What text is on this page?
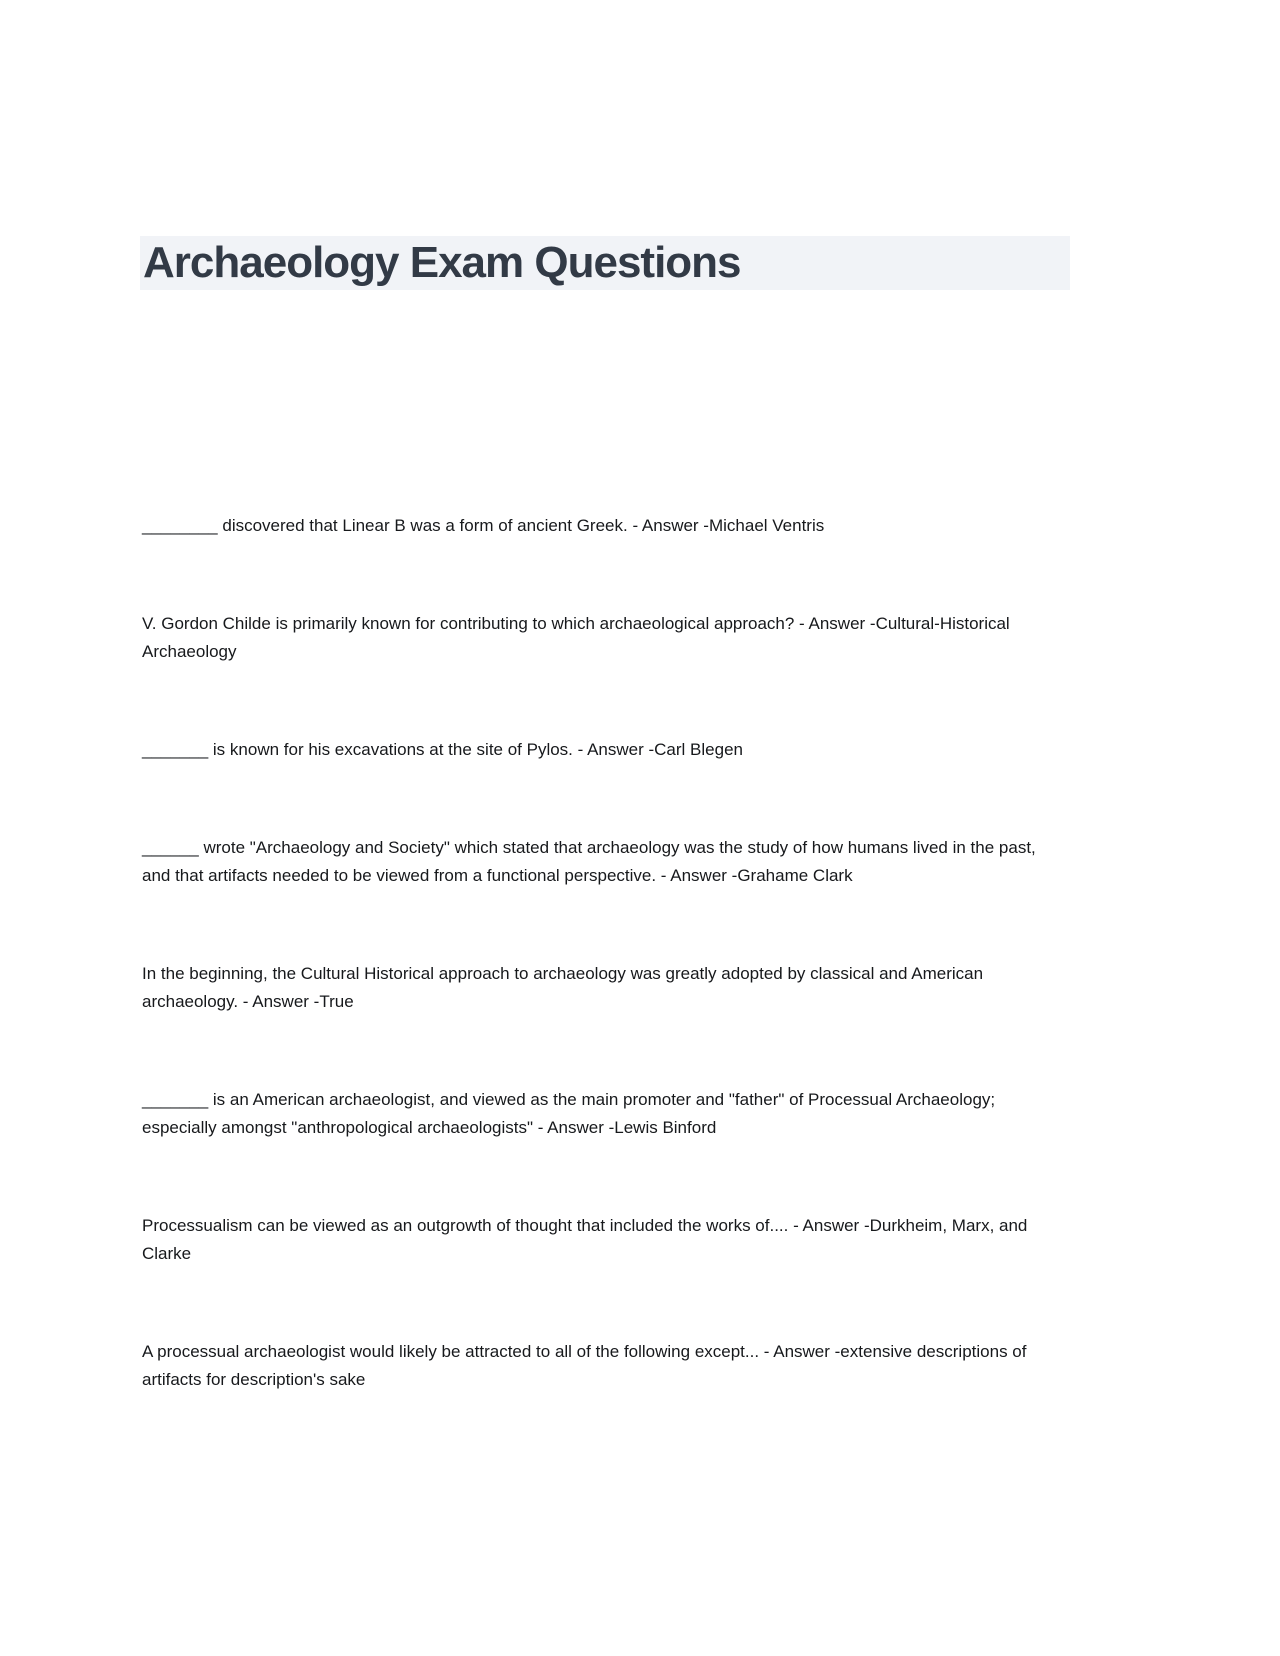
Archaeology Exam Questions

________ discovered that Linear B was a form of ancient Greek. - Answer -Michael Ventris

V. Gordon Childe is primarily known for contributing to which archaeological approach? - Answer -Cultural-Historical Archaeology

_______ is known for his excavations at the site of Pylos. - Answer -Carl Blegen

______ wrote "Archaeology and Society" which stated that archaeology was the study of how humans lived in the past, and that artifacts needed to be viewed from a functional perspective. - Answer -Grahame Clark

In the beginning, the Cultural Historical approach to archaeology was greatly adopted by classical and American archaeology. - Answer -True

_______ is an American archaeologist, and viewed as the main promoter and "father" of Processual Archaeology; especially amongst "anthropological archaeologists" - Answer -Lewis Binford

Processualism can be viewed as an outgrowth of thought that included the works of.... - Answer -Durkheim, Marx, and Clarke

A processual archaeologist would likely be attracted to all of the following except... - Answer -extensive descriptions of artifacts for description's sake
